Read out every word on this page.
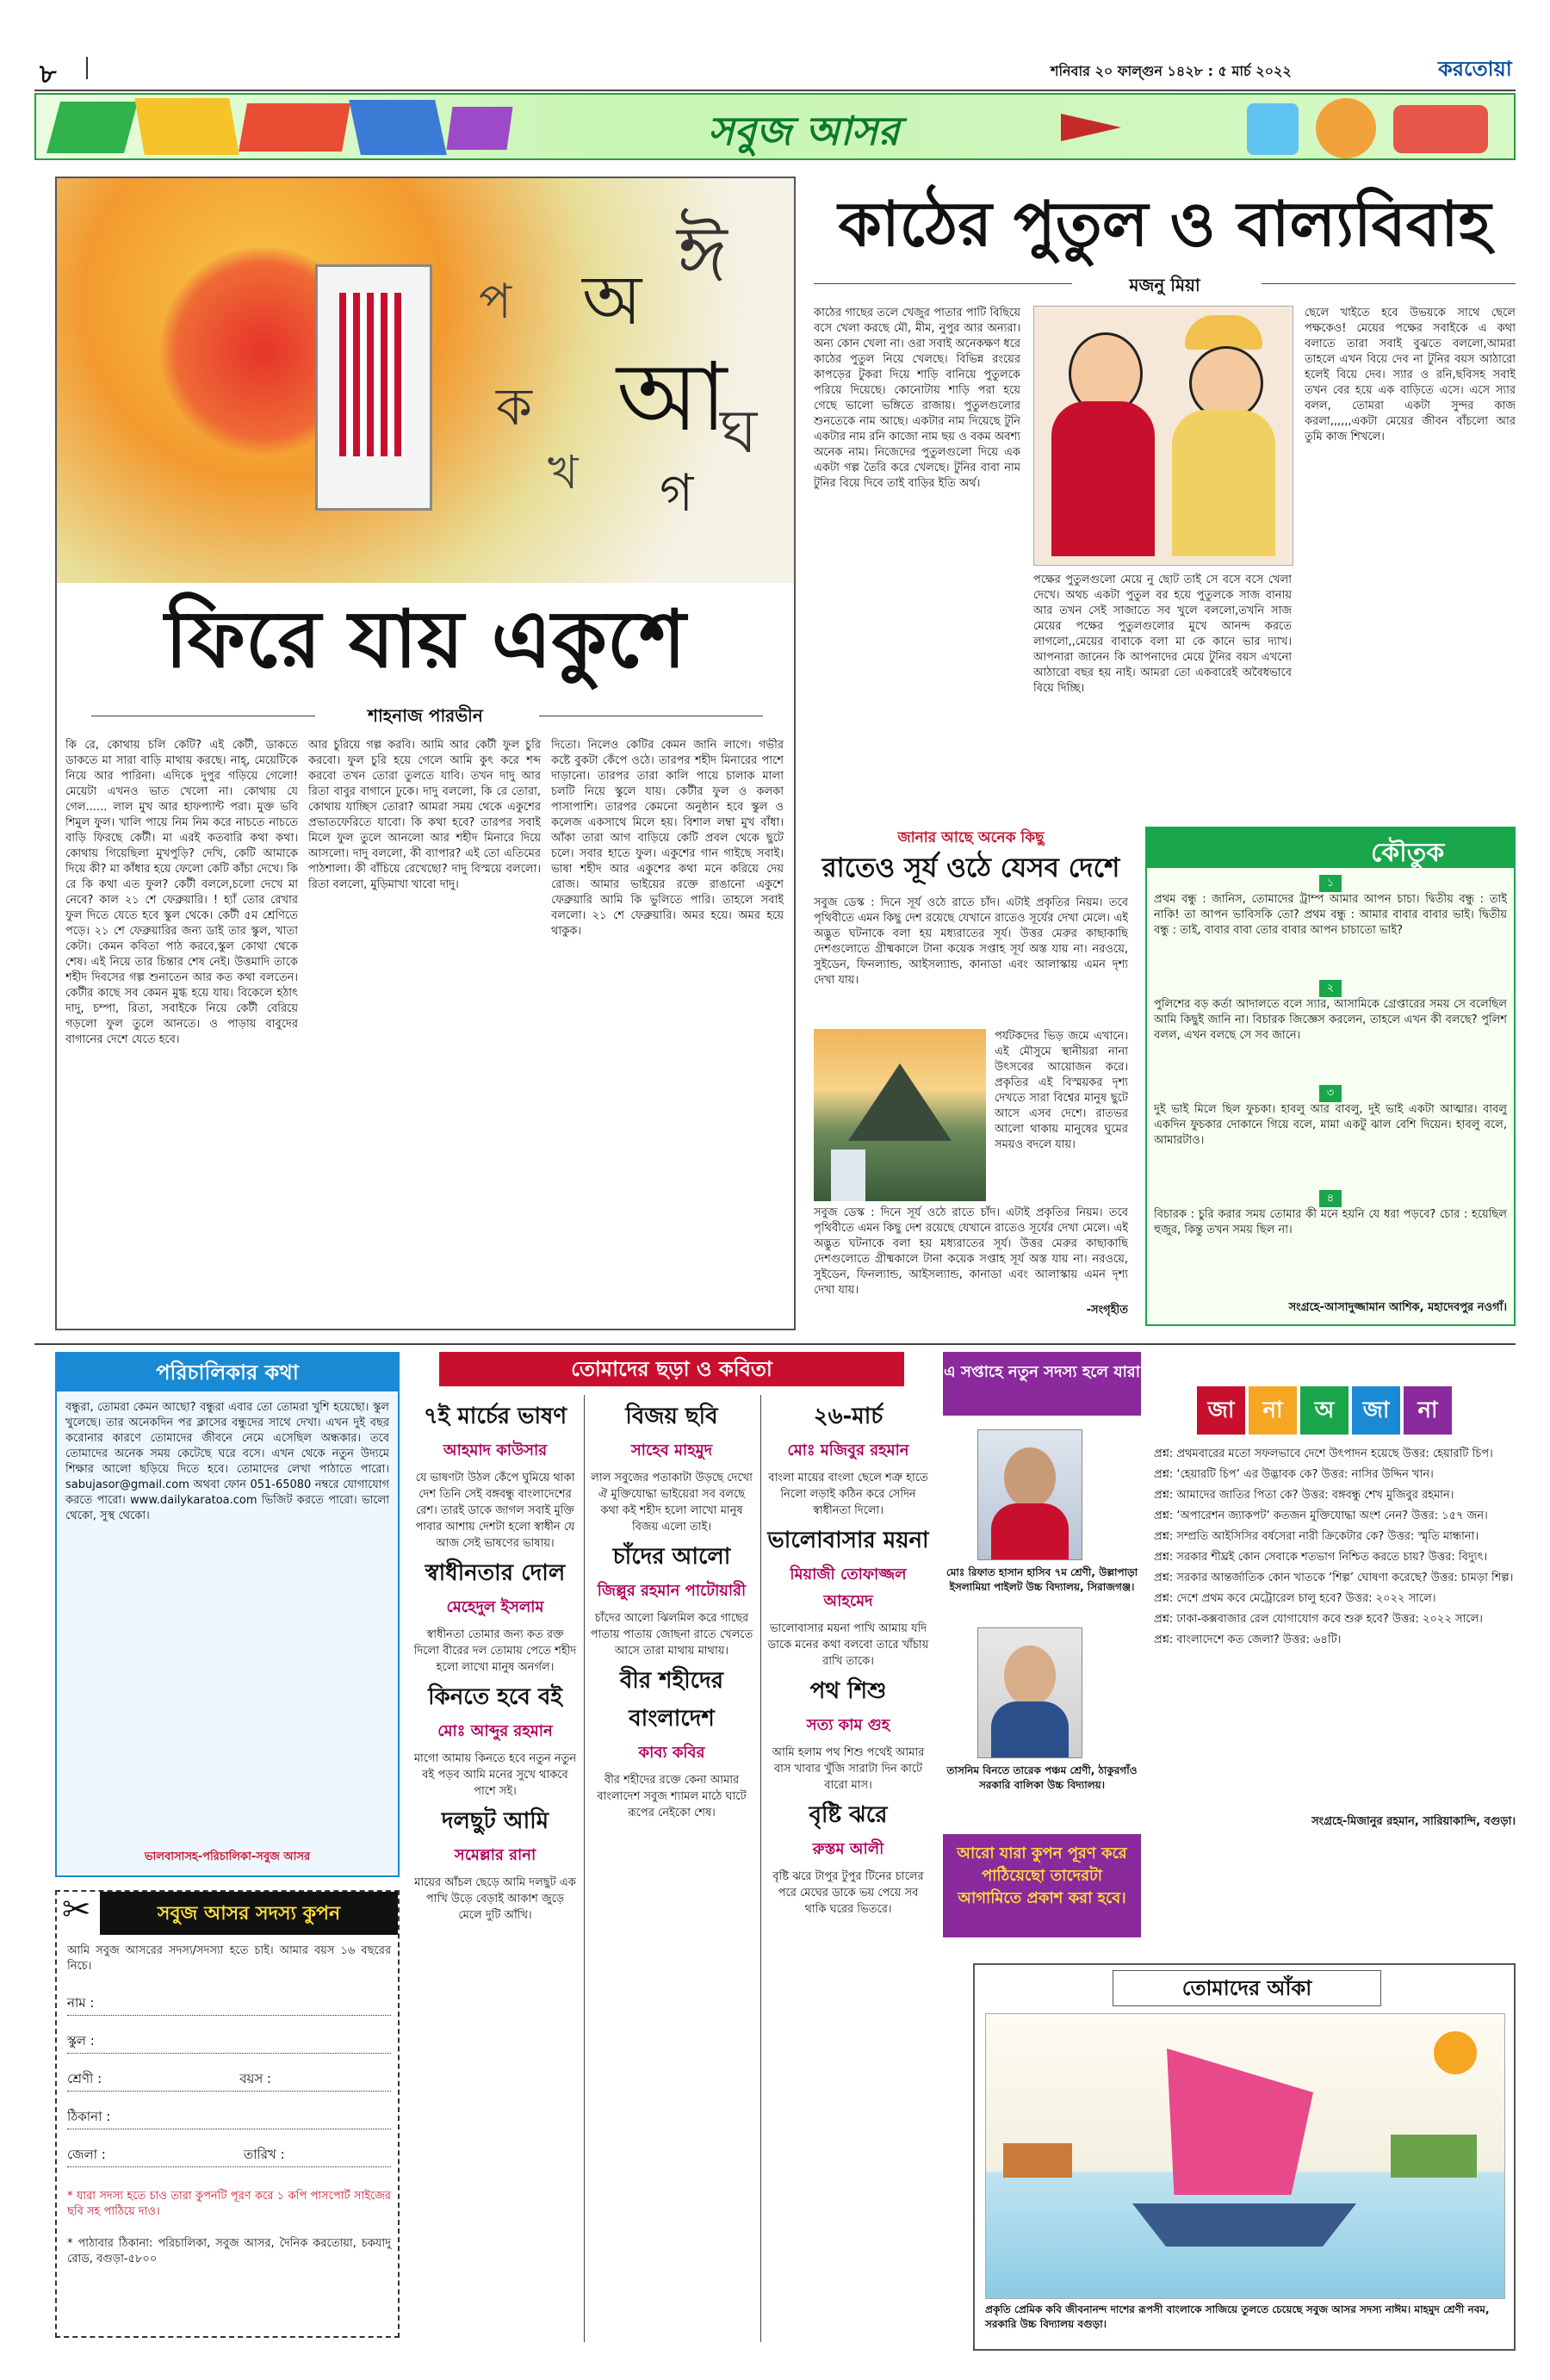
৮	শনিবার ২০ ফাল্গুন ১৪২৮ : ৫ মার্চ ২০২২	করতোয়া
সবুজ আসর
ঈ
অ
আ
ক
খ গ
ঘ
প
ফিরে যায় একুশে
শাহনাজ পারভীন

কি রে, কোথায় চলি কেটি? এই কেটী, ডাকতে ডাকতে মা সারা বাড়ি মাথায় করছে। নাহ্‌, মেয়েটিকে নিয়ে আর পারিনা। এদিকে দুপুর গড়িয়ে গেলো! মেয়েটা এখনও ভাত খেলো না। কোথায় যে গেল...... লাল মুখ আর হাফপ্যান্ট পরা। মুক্ত ভবি শিমুল ফুল। খালি পায়ে নিম নিম করে নাচতে নাচতে বাড়ি ফিরছে কেটী। মা এরই কতবারি কথা কথা। কোথায় গিয়েছিলা মুখপুড়ি? দেখি, কেটি আমাকে দিয়ে কী? মা কাঁধার হয়ে ফেলো কেটি কাঁচা দেখে। কি রে কি কথা এত ফুল? কেটী বললে,চলো দেখে মা নেবে? কাল ২১ শে ফেব্রুয়ারি। ! হ্যাঁ তোর রেখার ফুল দিতে যেতে হবে স্কুল থেকে। কেটী ৫ম শ্রেণিতে পড়ে। ২১ শে ফেব্রুয়ারির জন্য ডাই তার স্কুল, খাতা কেটা। কেমন কবিতা পাঠ করবে,স্কুল কোথা থেকে শেষ। এই নিয়ে তার চিন্তার শেষ নেই। উত্তমাদি তাকে শহীদ দিবসের গল্প শুনাতেন আর কত কথা বলতেন। কেটীর কাছে সব কেমন মুগ্ধ হয়ে যায়। বিকেলে হঠাৎ দাদু, চম্পা, রিতা, সবাইকে নিয়ে কেটী বেরিয়ে গড়লো ফুল তুলে আনতে। ও পাড়ায় বাবুদের বাগানের দেশে যেতে হবে।

আর চুরিয়ে গল্প করবি। আমি আর কেটী ফুল চুরি করবো। ফুল চুরি হয়ে গেলে আমি কুৎ করে শব্দ করবো তখন তোরা তুলতে যাবি। তখন দাদু আর রিতা বাবুর বাগানে ঢুকে। দাদু বললো, কি রে তোরা, কোথায় যাচ্ছিস তোরা? আমরা সময় থেকে একুশের প্রভাতফেরিতে যাবো। কি কথা হবে? তারপর সবাই মিলে ফুল তুলে আনলো আর শহীদ মিনারে দিয়ে আসলো। দাদু বললো, কী ব্যাপার? এই তো এতিমের পাঠশালা। কী বাঁচিয়ে রেখেছো? দাদু বিস্ময়ে বললো। রিতা বললো, মুড়িমাখা খাবো দাদু।

দিতো। নিলেও কেটির কেমন জানি লাগে। গভীর কষ্টে বুকটা কেঁপে ওঠে। তারপর শহীদ মিনারের পাশে দাড়ানো। তারপর তারা কালি পায়ে চালাক মালা চলটি নিয়ে স্কুলে যায়। কেটীর ফুল ও কলকা পাসাপাশি। তারপর কেমনো অনুষ্ঠান হবে স্কুল ও কলেজ একসাথে মিলে হয়। বিশাল লম্বা মুখ বাঁধা। আঁকা তারা আগ বাড়িয়ে কেটি প্রবল থেকে ছুটে চলে। সবার হাতে ফুল। একুশের গান গাইছে সবাই। ভাষা শহীদ আর একুশের কথা মনে করিয়ে দেয় রোজ। আমার ভাইয়ের রক্তে রাঙানো একুশে ফেব্রুয়ারি আমি কি ভুলিতে পারি। তাহলে সবাই বললো। ২১ শে ফেব্রুয়ারি। অমর হয়ে। অমর হয়ে থাকুক।

কাঠের পুতুল ও বাল্যবিবাহ
মজনু মিয়া

কাঠের গাছের তলে খেজুর পাতার পাটি বিছিয়ে বসে খেলা করছে মৌ, মীম, নুপুর আর অন্যরা। অন্য কোন খেলা না। ওরা সবাই অনেকক্ষণ ধরে কাঠের পুতুল নিয়ে খেলছে। বিভিন্ন রংয়ের কাপড়ের টুকরা দিয়ে শাড়ি বানিয়ে পুতুলকে পরিয়ে দিয়েছে। কোনোটায় শাড়ি পরা হয়ে গেছে ভালো ভঙ্গিতে রাজায়। পুতুলগুলোর শুনতেকে নাম আছে। একটার নাম দিয়েছে টুনি একটার নাম রনি কাজো নাম ছয় ও বকম অবশ্য অনেক নাম। নিজেদের পুতুলগুলো দিয়ে এক একটা গল্প তৈরি করে খেলছে। টুনির বাবা নাম টুনির বিয়ে দিবে তাই বাড়ির ইতি অর্থ।

পক্ষের পুতুলগুলো মেয়ে নু ছোট তাই সে বসে বসে খেলা দেখে। অথচ একটা পুতুল বর হয়ে পুতুলকে সাজ বানায় আর তখন সেই সাজাতে সব খুলে বললো,তখনি সাজ মেয়ের পক্ষের পুতুলগুলোর মুখে আনন্দ করতে লাগলো,,মেয়ের বাবাকে বলা মা কে কানে ভার দ্যাখ। আপনারা জানেন কি আপনাদের মেয়ে টুনির বয়স এখনো আঠারো বছর হয় নাই। আমরা তো একবারেই অবৈধভাবে বিয়ে দিচ্ছি।

ছেলে খাইতে হবে উভয়কে সাথে ছেলে পক্ষকেও! মেয়ের পক্ষের সবাইকে এ কথা বলাতে তারা সবাই বুঝতে বললো,আমরা তাহলে এখন বিয়ে দেব না টুনির বয়স আঠারো হলেই বিয়ে দেব। স্যার ও রনি,ছবিসহ সবাই তখন বের হয়ে এক বাড়িতে এসে। এসে স্যার বলল, তোমরা একটা সুন্দর কাজ করলা,,,,,,একটা মেয়ের জীবন বাঁচলো আর তুমি কাজ শিখলে।

জানার আছে অনেক কিছু
রাতেও সূর্য ওঠে যেসব দেশে

সবুজ ডেস্ক : দিনে সূর্য ওঠে রাতে চাঁদ। এটাই প্রকৃতির নিয়ম। তবে পৃথিবীতে এমন কিছু দেশ রয়েছে যেখানে রাতেও সূর্যের দেখা মেলে। এই অদ্ভুত ঘটনাকে বলা হয় মধ্যরাতের সূর্য। উত্তর মেরুর কাছাকাছি দেশগুলোতে গ্রীষ্মকালে টানা কয়েক সপ্তাহ সূর্য অস্ত যায় না। নরওয়ে, সুইডেন, ফিনল্যান্ড, আইসল্যান্ড, কানাডা এবং আলাস্কায় এমন দৃশ্য দেখা যায়।

পর্যটকদের ভিড় জমে এখানে। এই মৌসুমে স্থানীয়রা নানা উৎসবের আয়োজন করে। প্রকৃতির এই বিস্ময়কর দৃশ্য দেখতে সারা বিশ্বের মানুষ ছুটে আসে এসব দেশে। রাতভর আলো থাকায় মানুষের ঘুমের সময়ও বদলে যায়।

সবুজ ডেস্ক : দিনে সূর্য ওঠে রাতে চাঁদ। এটাই প্রকৃতির নিয়ম। তবে পৃথিবীতে এমন কিছু দেশ রয়েছে যেখানে রাতেও সূর্যের দেখা মেলে। এই অদ্ভুত ঘটনাকে বলা হয় মধ্যরাতের সূর্য। উত্তর মেরুর কাছাকাছি দেশগুলোতে গ্রীষ্মকালে টানা কয়েক সপ্তাহ সূর্য অস্ত যায় না। নরওয়ে, সুইডেন, ফিনল্যান্ড, আইসল্যান্ড, কানাডা এবং আলাস্কায় এমন দৃশ্য দেখা যায়।

-সংগৃহীত
কৌতুক
১
প্রথম বন্ধু : জানিস, তোমাদের ট্রাম্প আমার আপন চাচা। দ্বিতীয় বন্ধু : তাই নাকি! তা আপন ভাবিসকি তো? প্রথম বন্ধু : আমার বাবার বাবার ভাই। দ্বিতীয় বন্ধু : তাই, বাবার বাবা তোর বাবার আপন চাচাতো ভাই?
২
পুলিশের বড় কর্তা আদালতে বলে স্যার, আসামিকে গ্রেপ্তারের সময় সে বলেছিল আমি কিছুই জানি না। বিচারক জিজ্ঞেস করলেন, তাহলে এখন কী বলছে? পুলিশ বলল, এখন বলছে সে সব জানে।
৩
দুই ভাই মিলে ছিল ফুচকা। হাবলু আর বাবলু, দুই ভাই একটা আত্মার। বাবলু একদিন ফুচকার দোকানে গিয়ে বলে, মামা একটু ঝাল বেশি দিয়েন। হাবলু বলে, আমারটাও।
৪
বিচারক : চুরি করার সময় তোমার কী মনে হয়নি যে ধরা পড়বে? চোর : হয়েছিল হুজুর, কিন্তু তখন সময় ছিল না।
সংগ্রহে-আসাদুজ্জামান আশিক, মহাদেবপুর নওগাঁ।
পরিচালিকার কথা
বন্ধুরা, তোমরা কেমন আছো? বন্ধুরা এবার তো তোমরা খুশি হয়েছো। স্কুল খুলেছে। তার অনেকদিন পর ক্লাসের বন্ধুদের সাথে দেখা। এখন দুই বছর করোনার কারণে তোমাদের জীবনে নেমে এসেছিল অন্ধকার। তবে তোমাদের অনেক সময় কেটেছে ঘরে বসে। এখন থেকে নতুন উদ্যমে শিক্ষার আলো ছড়িয়ে দিতে হবে। তোমাদের লেখা পাঠাতে পারো। sabujasor@gmail.com অথবা ফোন 051-65080 নম্বরে যোগাযোগ করতে পারো। www.dailykaratoa.com ভিজিট করতে পারো। ভালো থেকো, সুস্থ থেকো।
ভালবাসাসহ-পরিচালিকা-সবুজ আসর
✂	সবুজ আসর সদস্য কুপন
আমি সবুজ আসরের সদস্য/সদস্যা হতে চাই। আমার বয়স ১৬ বছরের নিচে।
নাম :
স্কুল :
শ্রেণী :	বয়স :
ঠিকানা :
জেলা :	তারিখ :
* যারা সদস্য হতে চাও তারা কুপনটি পূরণ করে ১ কপি পাসপোর্ট সাইজের ছবি সহ পাঠিয়ে দাও।
* পাঠাবার ঠিকানা: পরিচালিকা, সবুজ আসর, দৈনিক করতোয়া, চকযাদু রোড, বগুড়া-৫৮০০
তোমাদের ছড়া ও কবিতা
৭ই মার্চের ভাষণ
আহমাদ কাউসার
যে ভাষণটা উঠল কেঁপে ঘুমিয়ে থাকা দেশ তিনি সেই বঙ্গবন্ধু বাংলাদেশের রেশ। তারই ডাকে জাগল সবাই মুক্তি পাবার আশায় দেশটা হলো স্বাধীন যে আজ সেই ভাষণের ভাষায়।
স্বাধীনতার দোল
মেহেদুল ইসলাম
স্বাধীনতা তোমার জন্য কত রক্ত দিলো বীরের দল তোমায় পেতে শহীদ হলো লাখো মানুষ অনর্গল।
কিনতে হবে বই
মোঃ আব্দুর রহমান
মাগো আমায় কিনতে হবে নতুন নতুন বই পড়ব আমি মনের সুখে থাকবে পাশে সই।
দলছুট আমি
সমেল্লার রানা
মায়ের আঁচল ছেড়ে আমি দলছুট এক পাখি উড়ে বেড়াই আকাশ জুড়ে মেলে দুটি আঁখি।
বিজয় ছবি
সাহেব মাহমুদ
লাল সবুজের পতাকাটা উড়ছে দেখো ঐ মুক্তিযোদ্ধা ভাইয়েরা সব বলছে কথা কই শহীদ হলো লাখো মানুষ বিজয় এলো তাই।
চাঁদের আলো
জিল্লুর রহমান পাটোয়ারী
চাঁদের আলো ঝিলমিল করে গাছের পাতায় পাতায় জোছনা রাতে খেলতে আসে তারা মাথায় মাথায়।
বীর শহীদের বাংলাদেশ
কাব্য কবির
বীর শহীদের রক্তে কেনা আমার বাংলাদেশ সবুজ শ্যামল মাঠে ঘাটে রূপের নেইকো শেষ।
২৬-মার্চ
মোঃ মজিবুর রহমান
বাংলা মায়ের বাংলা ছেলে শত্রু হাতে নিলো লড়াই কঠিন করে সেদিন স্বাধীনতা দিলো।
ভালোবাসার ময়না
মিয়াজী তোফাজ্জল আহমেদ
ভালোবাসার ময়না পাখি আমায় যদি ডাকে মনের কথা বলবো তারে খাঁচায় রাখি তাকে।
পথ শিশু
সত্য কাম গুহ
আমি হলাম পথ শিশু পথেই আমার বাস খাবার খুঁজি সারাটা দিন কাটে বারো মাস।
বৃষ্টি ঝরে
রুস্তম আলী
বৃষ্টি ঝরে টাপুর টুপুর টিনের চালের পরে মেঘের ডাকে ভয় পেয়ে সব থাকি ঘরের ভিতরে।
এ সপ্তাহে নতুন সদস্য হলে যারা
মোঃ রিফাত হাসান হাসিব ৭ম শ্রেণী, উল্লাপাড়া ইসলামিয়া পাইলট উচ্চ বিদ্যালয়, সিরাজগঞ্জ।
তাসনিম বিনতে তারেক পঞ্চম শ্রেণী, ঠাকুরগাঁও সরকারি বালিকা উচ্চ বিদ্যালয়।
আরো যারা কুপন পূরণ করে পাঠিয়েছো তাদেরটা আগামিতে প্রকাশ করা হবে।
জা	না	অ	জা	না

প্রশ্ন: প্রথমবারের মতো সফলভাবে দেশে উৎপাদন হয়েছে উত্তর: হেয়ারটি চিপ।

প্রশ্ন: ‘হেয়ারটি চিপ’ এর উদ্ভাবক কে? উত্তর: নাসির উদ্দিন খান।

প্রশ্ন: আমাদের জাতির পিতা কে? উত্তর: বঙ্গবন্ধু শেখ মুজিবুর রহমান।

প্রশ্ন: ‘অপারেশন জ্যাকপট’ কতজন মুক্তিযোদ্ধা অংশ নেন? উত্তর: ১৫৭ জন।

প্রশ্ন: সম্প্রতি আইসিসির বর্ষসেরা নারী ক্রিকেটার কে? উত্তর: স্মৃতি মান্ধানা।

প্রশ্ন: সরকার শীঘ্রই কোন সেবাকে শতভাগ নিশ্চিত করতে চায়? উত্তর: বিদ্যুৎ।

প্রশ্ন: সরকার আন্তর্জাতিক কোন খাতকে ‘শিল্প’ ঘোষণা করেছে? উত্তর: চামড়া শিল্প।

প্রশ্ন: দেশে প্রথম কবে মেট্রোরেল চালু হবে? উত্তর: ২০২২ সালে।

প্রশ্ন: ঢাকা-কক্সবাজার রেল যোগাযোগ কবে শুরু হবে? উত্তর: ২০২২ সালে।

প্রশ্ন: বাংলাদেশে কত জেলা? উত্তর: ৬৪টি।

সংগ্রহে-মিজানুর রহমান, সারিয়াকান্দি, বগুড়া।
তোমাদের আঁকা
প্রকৃতি প্রেমিক কবি জীবনানন্দ দাশের রূপসী বাংলাকে সাজিয়ে তুলতে চেয়েছে সবুজ আসর সদস্য নাঈম। মাহমুদ শ্রেণী নবম, সরকারি উচ্চ বিদ্যালয় বগুড়া।
